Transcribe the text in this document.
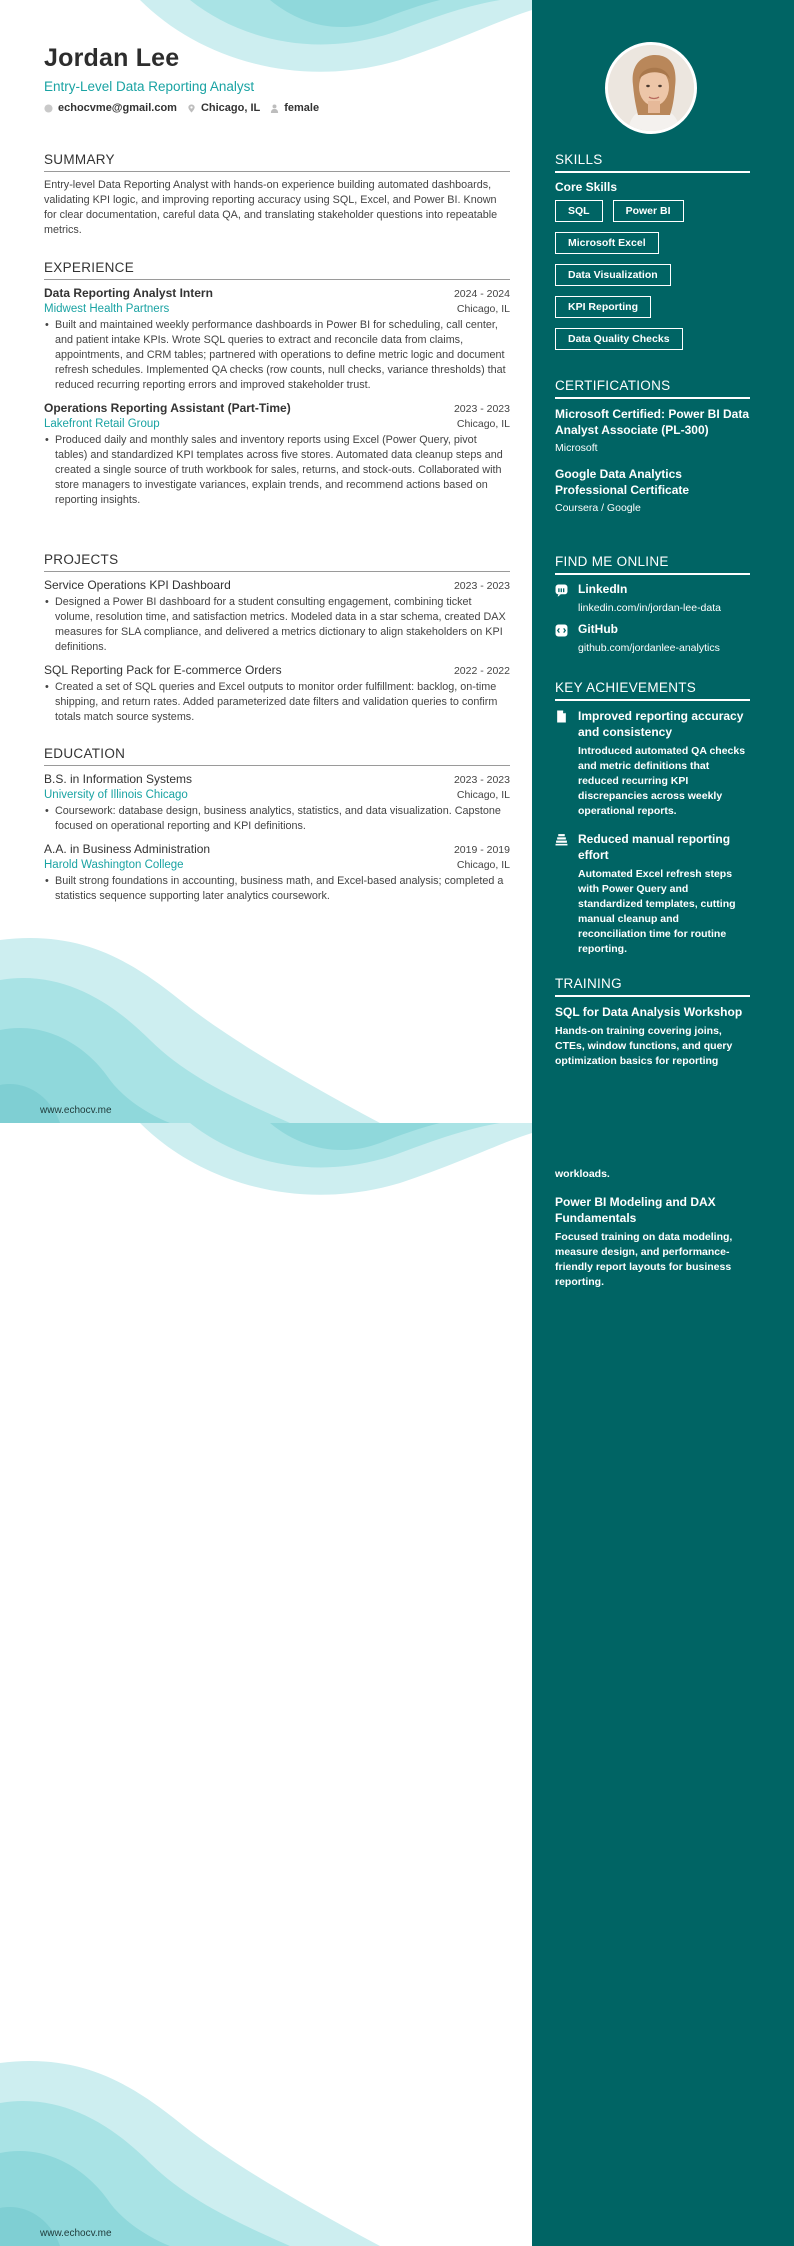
Jordan Lee
Entry-Level Data Reporting Analyst
echocvme@gmail.com Chicago, IL female
SUMMARY
Entry-level Data Reporting Analyst with hands-on experience building automated dashboards, validating KPI logic, and improving reporting accuracy using SQL, Excel, and Power BI. Known for clear documentation, careful data QA, and translating stakeholder questions into repeatable metrics.
EXPERIENCE
Data Reporting Analyst Intern	2024 - 2024
Midwest Health Partners	Chicago, IL
• Built and maintained weekly performance dashboards in Power BI for scheduling, call center, and patient intake KPIs. Wrote SQL queries to extract and reconcile data from claims, appointments, and CRM tables; partnered with operations to define metric logic and document refresh schedules. Implemented QA checks (row counts, null checks, variance thresholds) that reduced recurring reporting errors and improved stakeholder trust.
Operations Reporting Assistant (Part-Time)	2023 - 2023
Lakefront Retail Group	Chicago, IL
• Produced daily and monthly sales and inventory reports using Excel (Power Query, pivot tables) and standardized KPI templates across five stores. Automated data cleanup steps and created a single source of truth workbook for sales, returns, and stock-outs. Collaborated with store managers to investigate variances, explain trends, and recommend actions based on reporting insights.
PROJECTS
Service Operations KPI Dashboard	2023 - 2023
• Designed a Power BI dashboard for a student consulting engagement, combining ticket volume, resolution time, and satisfaction metrics. Modeled data in a star schema, created DAX measures for SLA compliance, and delivered a metrics dictionary to align stakeholders on KPI definitions.
SQL Reporting Pack for E-commerce Orders	2022 - 2022
• Created a set of SQL queries and Excel outputs to monitor order fulfillment: backlog, on-time shipping, and return rates. Added parameterized date filters and validation queries to confirm totals match source systems.
EDUCATION
B.S. in Information Systems	2023 - 2023
University of Illinois Chicago	Chicago, IL
• Coursework: database design, business analytics, statistics, and data visualization. Capstone focused on operational reporting and KPI definitions.
A.A. in Business Administration	2019 - 2019
Harold Washington College	Chicago, IL
• Built strong foundations in accounting, business math, and Excel-based analysis; completed a statistics sequence supporting later analytics coursework.
SKILLS
Core Skills
SQL	Power BI
Microsoft Excel
Data Visualization
KPI Reporting
Data Quality Checks
CERTIFICATIONS
Microsoft Certified: Power BI Data Analyst Associate (PL-300)
Microsoft
Google Data Analytics Professional Certificate
Coursera / Google
FIND ME ONLINE
LinkedIn
linkedin.com/in/jordan-lee-data
GitHub
github.com/jordanlee-analytics
KEY ACHIEVEMENTS
Improved reporting accuracy and consistency
Introduced automated QA checks and metric definitions that reduced recurring KPI discrepancies across weekly operational reports.
Reduced manual reporting effort
Automated Excel refresh steps with Power Query and standardized templates, cutting manual cleanup and reconciliation time for routine reporting.
TRAINING
SQL for Data Analysis Workshop
Hands-on training covering joins, CTEs, window functions, and query optimization basics for reporting
www.echocv.me
workloads.
Power BI Modeling and DAX Fundamentals
Focused training on data modeling, measure design, and performance-friendly report layouts for business reporting.
www.echocv.me
